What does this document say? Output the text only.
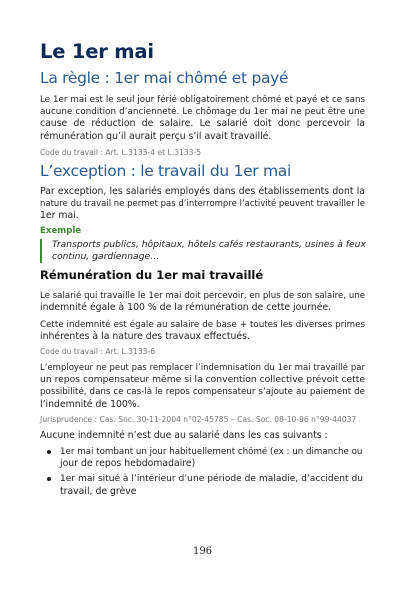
Le 1er mai
La règle : 1er mai chômé et payé
Le 1er mai est le seul jour férié obligatoirement chômé et payé et ce sans
aucune condition d’ancienneté. Le chômage du 1er mai ne peut être une
cause de réduction de salaire. Le salarié doit donc percevoir la
rémunération qu’il aurait perçu s’il avait travaillé.
Code du travail : Art. L.3133-4 et L.3133-5
L’exception : le travail du 1er mai
Par exception, les salariés employés dans des établissements dont la
nature du travail ne permet pas d’interrompre l’activité peuvent travailler le
1er mai.
Exemple
Transports publics, hôpitaux, hôtels cafés restaurants, usines à feux
continu, gardiennage…
Rémunération du 1er mai travaillé
Le salarié qui travaille le 1er mai doit percevoir, en plus de son salaire, une
indemnité égale à 100 % de la rémunération de cette journée.
Cette indemnité est égale au salaire de base + toutes les diverses primes
inhérentes à la nature des travaux effectués.
Code du travail : Art. L.3133-6
L’employeur ne peut pas remplacer l’indemnisation du 1er mai travaillé par
un repos compensateur même si la convention collective prévoit cette
possibilité, dans ce cas-là le repos compensateur s’ajoute au paiement de
l’indemnité de 100%.
Jurisprudence : Cas. Soc. 30-11-2004 n°02-45785 – Cas. Soc. 08-10-96 n°99-44037
Aucune indemnité n’est due au salarié dans les cas suivants :
1er mai tombant un jour habituellement chômé (ex : un dimanche ou
jour de repos hebdomadaire)
1er mai situé à l’intérieur d’une période de maladie, d’accident du
travail, de grève
196
